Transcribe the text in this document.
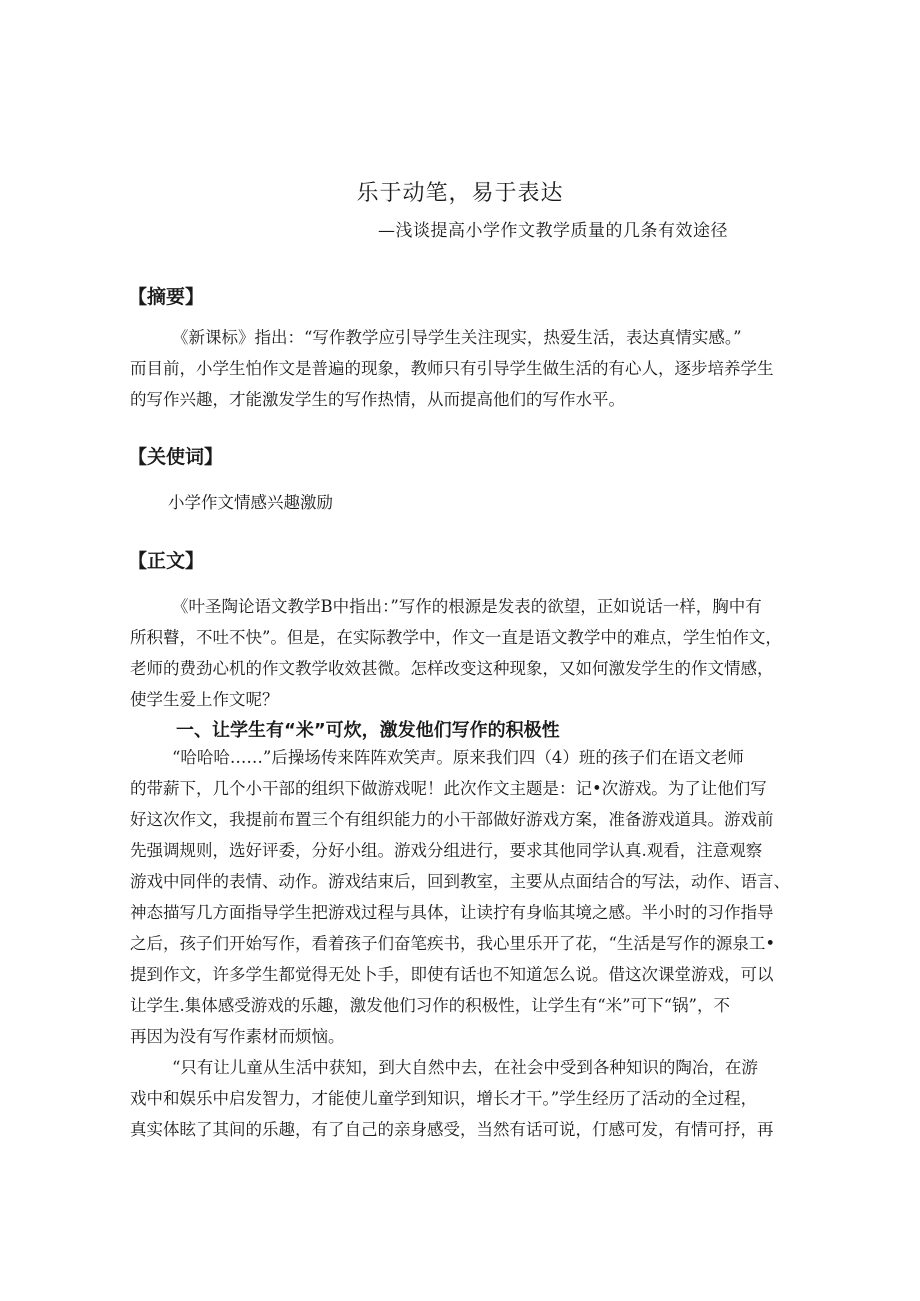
乐于动笔，易于表达

—浅谈提高小学作文教学质量的几条有效途径

【摘要】
《新课标》指出：“写作教学应引导学生关注现实，热爱生活，表达真情实感。”
而目前，小学生怕作文是普遍的现象，教师只有引导学生做生活的有心人，逐步培养学生
的写作兴趣，才能激发学生的写作热情，从而提高他们的写作水平。
【关使词】
小学作文情感兴趣激励
【正文】
《叶圣陶论语文教学B中指出：”写作的根源是发表的欲望，正如说话一样，胸中有
所积瞽，不吐不快”。但是，在实际教学中，作文一直是语文教学中的难点，学生怕作文，
老师的费劲心机的作文教学收效甚微。怎样改变这种现象，又如何激发学生的作文情感，
使学生爱上作文呢？
一、让学生有“米”可炊，激发他们写作的积极性
“哈哈哈……”后操场传来阵阵欢笑声。原来我们四（4）班的孩子们在语文老师
的带薪下，几个小干部的组织下做游戏呢！此次作文主题是：记•次游戏。为了让他们写
好这次作文，我提前布置三个有组织能力的小干部做好游戏方案，准备游戏道具。游戏前
先强调规则，选好评委，分好小组。游戏分组进行，要求其他同学认真.观看，注意观察
游戏中同伴的表情、动作。游戏结束后，回到教室，主要从点面结合的写法，动作、语言、
神态描写几方面指导学生把游戏过程与具体，让读拧有身临其境之感。半小时的习作指导
之后，孩子们开始写作，看着孩子们奋笔疾书，我心里乐开了花，“生活是写作的源泉工•
提到作文，许多学生都觉得无处卜手，即使有话也不知道怎么说。借这次课堂游戏，可以
让学生.集体感受游戏的乐趣，激发他们习作的积极性，让学生有“米”可下“锅”，不
再因为没有写作素材而烦恼。
“只有让儿童从生活中获知，到大自然中去，在社会中受到各种知识的陶冶，在游
戏中和娱乐中启发智力，才能使儿童学到知识，增长才干。”学生经历了活动的全过程，
真实体眩了其间的乐趣，有了自己的亲身感受，当然有话可说，仃感可发，有情可抒，再
